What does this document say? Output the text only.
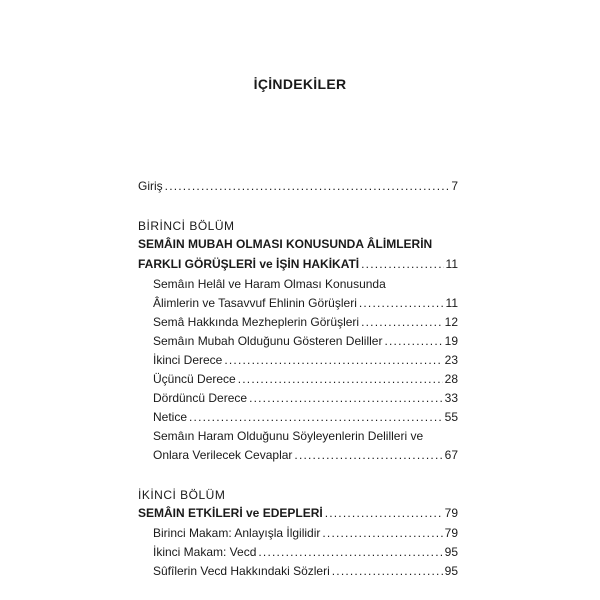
İÇİNDEKİLER
Giriş .....	7
BİRİNCİ BÖLÜM
SEMÂIN MUBAH OLMASI KONUSUNDA ÂLİMLERİN
FARKLI GÖRÜŞLERİ ve İŞİN HAKİKATİ .....	11
Semâın Helâl ve Haram Olması Konusunda
Âlimlerin ve Tasavvuf Ehlinin Görüşleri .....	11
Semâ Hakkında Mezheplerin Görüşleri .....	12
Semâın Mubah Olduğunu Gösteren Deliller .....	19
İkinci Derece .....	23
Üçüncü Derece .....	28
Dördüncü Derece .....	33
Netice .....	55
Semâın Haram Olduğunu Söyleyenlerin Delilleri ve
Onlara Verilecek Cevaplar .....	67
İKİNCİ BÖLÜM
SEMÂIN ETKİLERİ ve EDEPLERİ .....	79
Birinci Makam: Anlayışla İlgilidir .....	79
İkinci Makam: Vecd .....	95
Sûfîlerin Vecd Hakkındaki Sözleri .....	95
